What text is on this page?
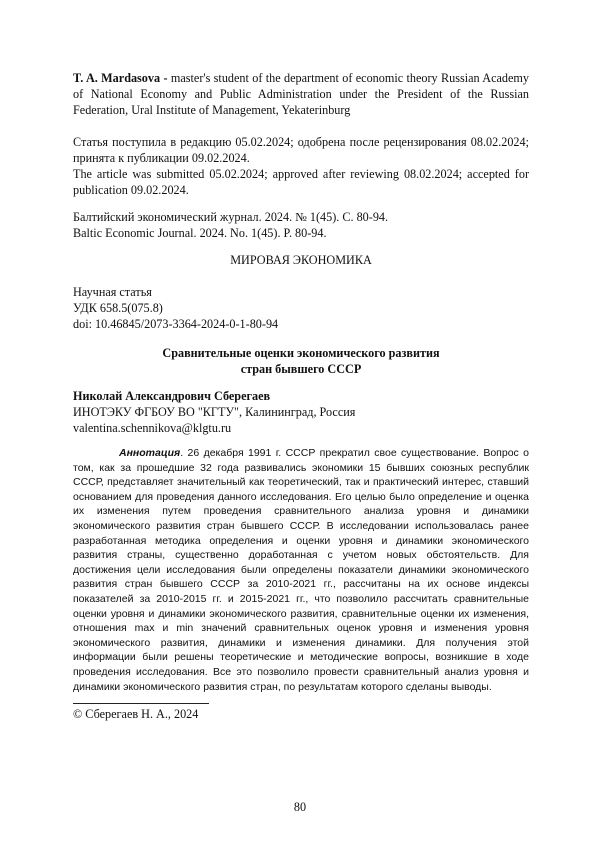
T. A. Mardasova - master's student of the department of economic theory Russian Academy of National Economy and Public Administration under the President of the Russian Federation, Ural Institute of Management, Yekaterinburg

Статья поступила в редакцию 05.02.2024; одобрена после рецензирования 08.02.2024; принята к публикации 09.02.2024.

The article was submitted 05.02.2024; approved after reviewing 08.02.2024; accepted for publication 09.02.2024.

Балтийский экономический журнал. 2024. № 1(45). С. 80-94.

Baltic Economic Journal. 2024. No. 1(45). P. 80-94.

МИРОВАЯ ЭКОНОМИКА

Научная статья

УДК 658.5(075.8)

doi: 10.46845/2073-3364-2024-0-1-80-94

Сравнительные оценки экономического развития

стран бывшего СССР

Николай Александрович Сберегаев

ИНОТЭКУ ФГБОУ ВО "КГТУ", Калининград, Россия

valentina.schennikova@klgtu.ru

Аннотация. 26 декабря 1991 г. СССР прекратил свое существование. Вопрос о том, как за прошедшие 32 года развивались экономики 15 бывших союзных республик СССР, представляет значительный как теоретический, так и практический интерес, ставший основанием для проведения данного исследования. Его целью было определение и оценка их изменения путем проведения сравнительного анализа уровня и динамики экономического развития стран бывшего СССР. В исследовании использовалась ранее разработанная методика определения и оценки уровня и динамики экономического развития страны, существенно доработанная с учетом новых обстоятельств. Для достижения цели исследования были определены показатели динамики экономического развития стран бывшего СССР за 2010-2021 гг., рассчитаны на их основе индексы показателей за 2010-2015 гг. и 2015-2021 гг., что позволило рассчитать сравнительные оценки уровня и динамики экономического развития, сравнительные оценки их изменения, отношения max и min значений сравнительных оценок уровня и изменения уровня экономического развития, динамики и изменения динамики. Для получения этой информации были решены теоретические и методические вопросы, возникшие в ходе проведения исследования. Все это позволило провести сравнительный анализ уровня и динамики экономического развития стран, по результатам которого сделаны выводы.
© Сберегаев Н. А., 2024
80
